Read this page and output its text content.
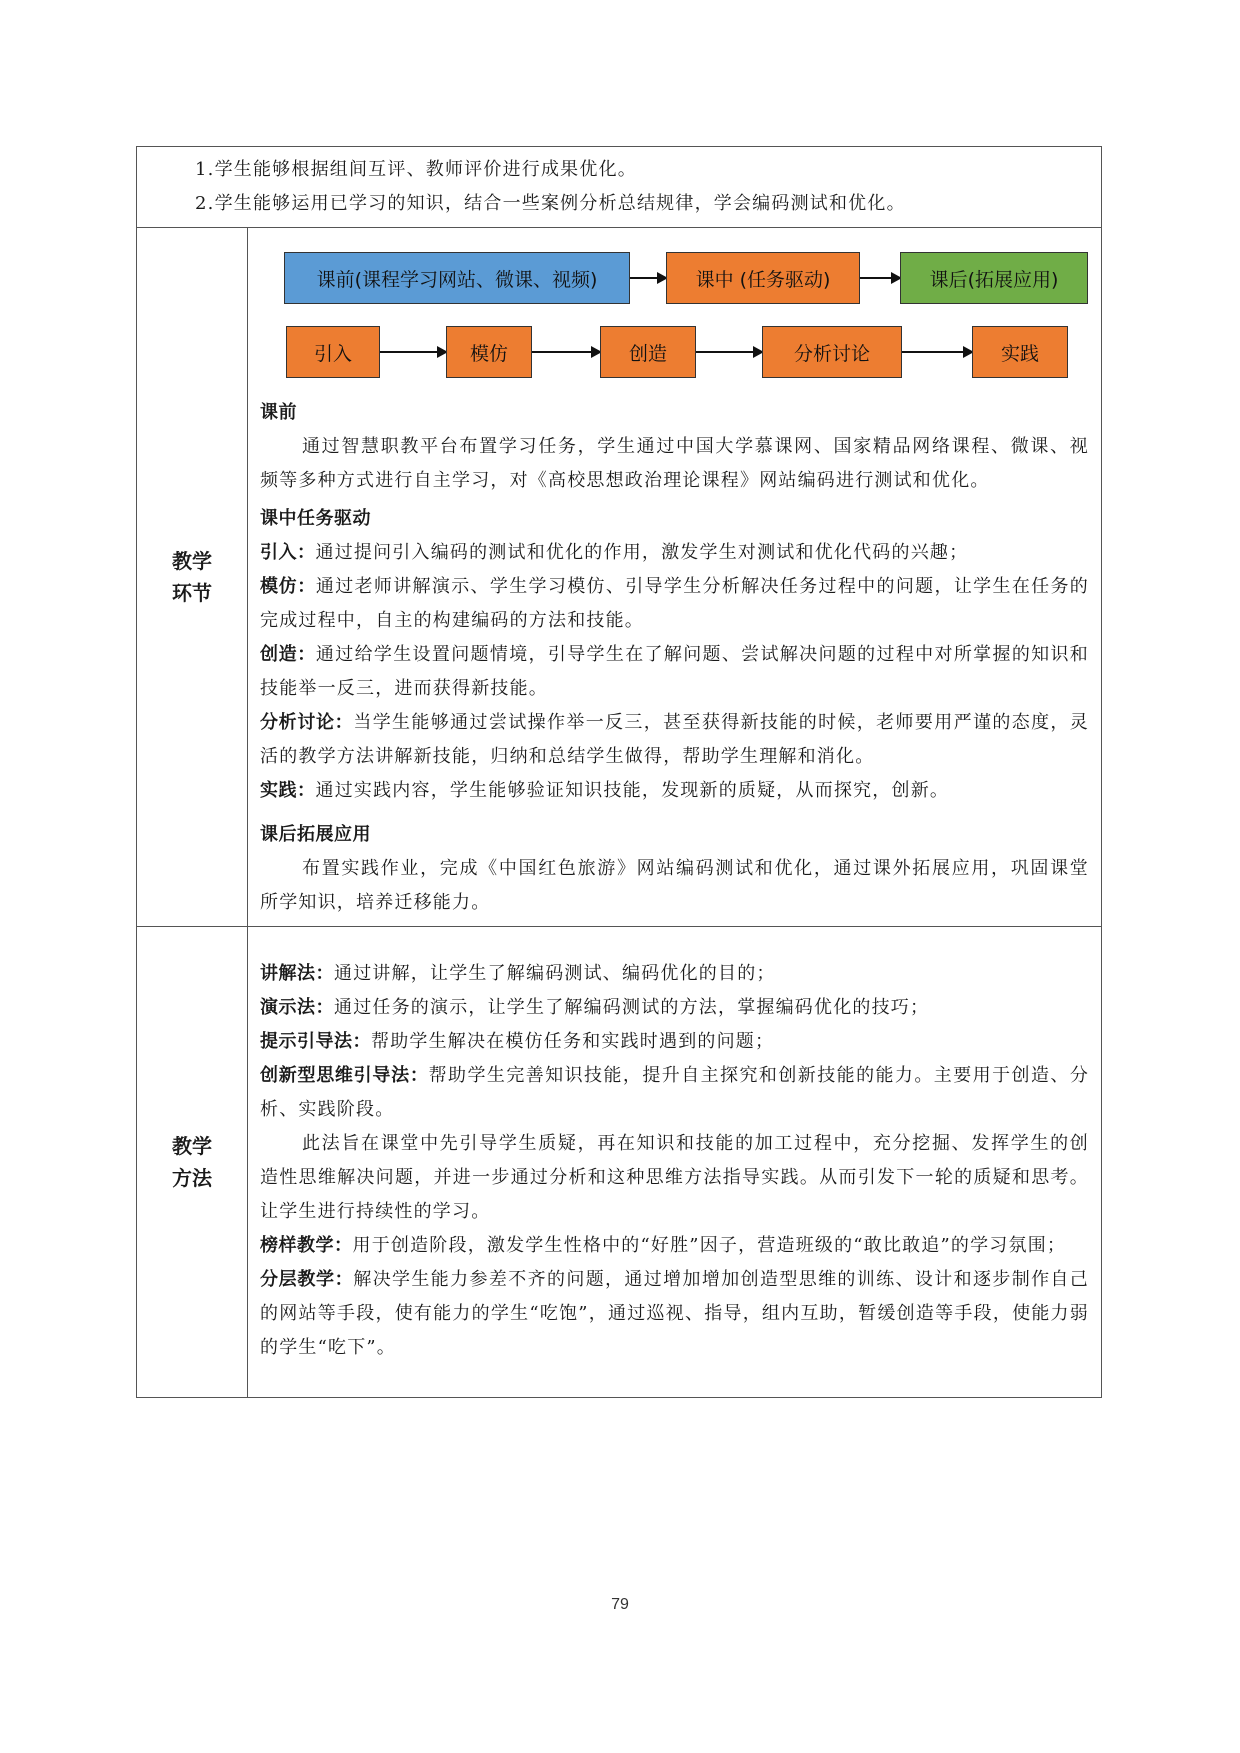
1.学生能够根据组间互评、教师评价进行成果优化。

2.学生能够运用已学习的知识，结合一些案例分析总结规律，学会编码测试和优化。

教学环节
课前(课程学习网站、微课、视频)	课中 (任务驱动)	课后(拓展应用)
引入	模仿	创造	分析讨论	实践
课前

通过智慧职教平台布置学习任务，学生通过中国大学慕课网、国家精品网络课程、微课、视频等多种方式进行自主学习，对《高校思想政治理论课程》网站编码进行测试和优化。

课中任务驱动

引入：通过提问引入编码的测试和优化的作用，激发学生对测试和优化代码的兴趣；

模仿：通过老师讲解演示、学生学习模仿、引导学生分析解决任务过程中的问题，让学生在任务的完成过程中，自主的构建编码的方法和技能。

创造：通过给学生设置问题情境，引导学生在了解问题、尝试解决问题的过程中对所掌握的知识和技能举一反三，进而获得新技能。

分析讨论：当学生能够通过尝试操作举一反三，甚至获得新技能的时候，老师要用严谨的态度，灵活的教学方法讲解新技能，归纳和总结学生做得，帮助学生理解和消化。

实践：通过实践内容，学生能够验证知识技能，发现新的质疑，从而探究，创新。

课后拓展应用

布置实践作业，完成《中国红色旅游》网站编码测试和优化，通过课外拓展应用，巩固课堂所学知识，培养迁移能力。

教学方法

讲解法：通过讲解，让学生了解编码测试、编码优化的目的；

演示法：通过任务的演示，让学生了解编码测试的方法，掌握编码优化的技巧；

提示引导法：帮助学生解决在模仿任务和实践时遇到的问题；

创新型思维引导法：帮助学生完善知识技能，提升自主探究和创新技能的能力。主要用于创造、分析、实践阶段。

此法旨在课堂中先引导学生质疑，再在知识和技能的加工过程中，充分挖掘、发挥学生的创造性思维解决问题，并进一步通过分析和这种思维方法指导实践。从而引发下一轮的质疑和思考。让学生进行持续性的学习。

榜样教学：用于创造阶段，激发学生性格中的“好胜”因子，营造班级的“敢比敢追”的学习氛围；

分层教学：解决学生能力参差不齐的问题，通过增加增加创造型思维的训练、设计和逐步制作自己的网站等手段，使有能力的学生“吃饱”，通过巡视、指导，组内互助，暂缓创造等手段，使能力弱的学生“吃下”。

79
